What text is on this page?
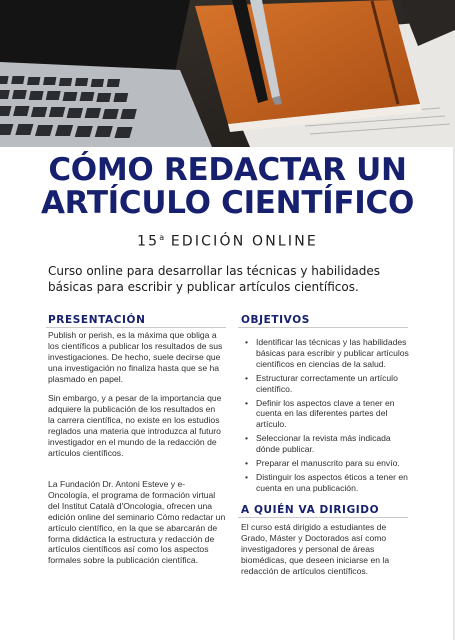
CÓMO REDACTAR UN
ARTÍCULO CIENTÍFICO
15$^a$ EDICIÓN ONLINE
Curso online para desarrollar las técnicas y habilidades básicas para escribir y publicar artículos científicos.
PRESENTACIÓN
Publish or perish, es la máxima que obliga a los científicos a publicar los resultados de sus investigaciones. De hecho, suele decirse que una investigación no finaliza hasta que se ha plasmado en papel.
Sin embargo, y a pesar de la importancia que adquiere la publicación de los resultados en la carrera científica, no existe en los estudios reglados una materia que introduzca al futuro investigador en el mundo de la redacción de artículos científicos.
La Fundación Dr. Antoni Esteve y e-Oncología, el programa de formación virtual del Institut Català d'Oncologia, ofrecen una edición online del seminario Cómo redactar un artículo científico, en la que se abarcarán de forma didáctica la estructura y redacción de artículos científicos así como los aspectos formales sobre la publicación científica.
OBJETIVOS
• Identificar las técnicas y las habilidades básicas para escribir y publicar artículos científicos en ciencias de la salud.
• Estructurar correctamente un artículo científico.
• Definir los aspectos clave a tener en cuenta en las diferentes partes del artículo.
• Seleccionar la revista más indicada dónde publicar.
• Preparar el manuscrito para su envío.
• Distinguir los aspectos éticos a tener en cuenta en una publicación.
A QUIÉN VA DIRIGIDO
El curso está dirigido a estudiantes de Grado, Máster y Doctorados así como investigadores y personal de áreas biomédicas, que deseen iniciarse en la redacción de artículos científicos.
